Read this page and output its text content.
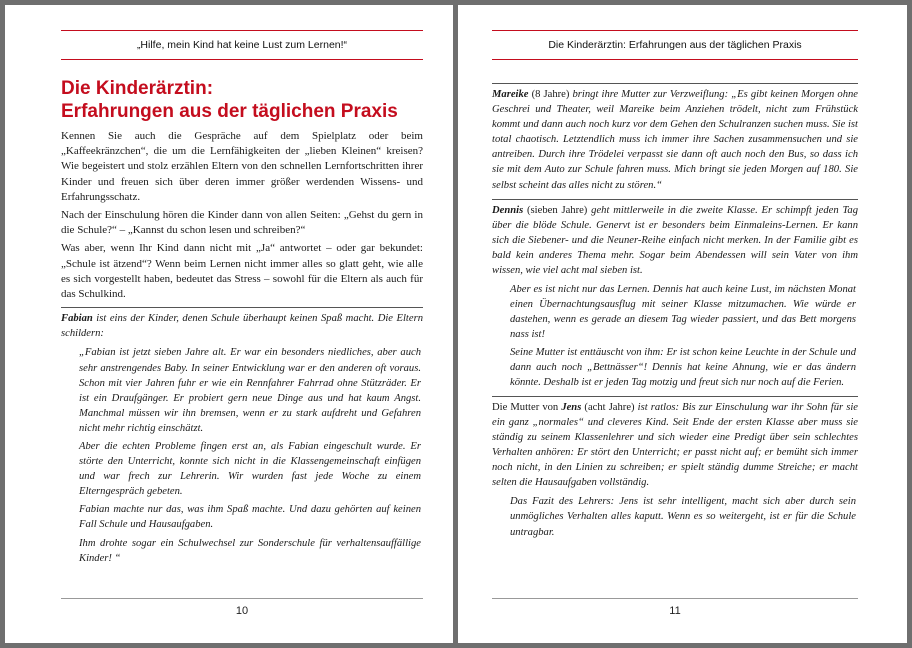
„Hilfe, mein Kind hat keine Lust zum Lernen!“
Die Kinderärztin:
Erfahrungen aus der täglichen Praxis

Kennen Sie auch die Gespräche auf dem Spielplatz oder beim „Kaffeekränzchen“, die um die Lernfähigkeiten der „lieben Kleinen“ kreisen? Wie begeistert und stolz erzählen Eltern von den schnellen Lernfortschritten ihrer Kinder und freuen sich über deren immer größer werdenden Wissens- und Erfahrungsschatz.

Nach der Einschulung hören die Kinder dann von allen Seiten: „Gehst du gern in die Schule?“ – „Kannst du schon lesen und schreiben?“

Was aber, wenn Ihr Kind dann nicht mit „Ja“ antwortet – oder gar bekundet: „Schule ist ätzend“? Wenn beim Lernen nicht immer alles so glatt geht, wie alle es sich vorgestellt haben, bedeutet das Stress – sowohl für die Eltern als auch für das Schulkind.

Fabian ist eins der Kinder, denen Schule überhaupt keinen Spaß macht. Die Eltern schildern:

„Fabian ist jetzt sieben Jahre alt. Er war ein besonders niedliches, aber auch sehr anstrengendes Baby. In seiner Entwicklung war er den anderen oft voraus. Schon mit vier Jahren fuhr er wie ein Rennfahrer Fahrrad ohne Stützräder. Er ist ein Draufgänger. Er probiert gern neue Dinge aus und hat kaum Angst. Manchmal müssen wir ihn bremsen, wenn er zu stark aufdreht und Gefahren nicht mehr richtig einschätzt.

Aber die echten Probleme fingen erst an, als Fabian eingeschult wurde. Er störte den Unterricht, konnte sich nicht in die Klassengemeinschaft einfügen und war frech zur Lehrerin. Wir wurden fast jede Woche zu einem Elterngespräch gebeten.

Fabian machte nur das, was ihm Spaß machte. Und dazu gehörten auf keinen Fall Schule und Hausaufgaben.

Ihm drohte sogar ein Schulwechsel zur Sonderschule für verhaltensauffällige Kinder! “

10
Die Kinderärztin: Erfahrungen aus der täglichen Praxis

Mareike (8 Jahre) bringt ihre Mutter zur Verzweiflung: „Es gibt keinen Morgen ohne Geschrei und Theater, weil Mareike beim Anziehen trödelt, nicht zum Frühstück kommt und dann auch noch kurz vor dem Gehen den Schulranzen suchen muss. Sie ist total chaotisch. Letztendlich muss ich immer ihre Sachen zusammensuchen und sie antreiben. Durch ihre Trödelei verpasst sie dann oft auch noch den Bus, so dass ich sie mit dem Auto zur Schule fahren muss. Mich bringt sie jeden Morgen auf 180. Sie selbst scheint das alles nicht zu stören.“

Dennis (sieben Jahre) geht mittlerweile in die zweite Klasse. Er schimpft jeden Tag über die blöde Schule. Genervt ist er besonders beim Einmaleins-Lernen. Er kann sich die Siebener- und die Neuner-Reihe einfach nicht merken. In der Familie gibt es bald kein anderes Thema mehr. Sogar beim Abendessen will sein Vater von ihm wissen, wie viel acht mal sieben ist.

Aber es ist nicht nur das Lernen. Dennis hat auch keine Lust, im nächsten Monat einen Übernachtungsausflug mit seiner Klasse mitzumachen. Wie würde er dastehen, wenn es gerade an diesem Tag wieder passiert, und das Bett morgens nass ist!

Seine Mutter ist enttäuscht von ihm: Er ist schon keine Leuchte in der Schule und dann auch noch „Bettnässer“! Dennis hat keine Ahnung, wie er das ändern könnte. Deshalb ist er jeden Tag motzig und freut sich nur noch auf die Ferien.

Die Mutter von Jens (acht Jahre) ist ratlos: Bis zur Einschulung war ihr Sohn für sie ein ganz „normales“ und cleveres Kind. Seit Ende der ersten Klasse aber muss sie ständig zu seinem Klassenlehrer und sich wieder eine Predigt über sein schlechtes Verhalten anhören: Er stört den Unterricht; er passt nicht auf; er bemüht sich immer noch nicht, in den Linien zu schreiben; er spielt ständig dumme Streiche; er macht selten die Hausaufgaben vollständig.

Das Fazit des Lehrers: Jens ist sehr intelligent, macht sich aber durch sein unmögliches Verhalten alles kaputt. Wenn es so weitergeht, ist er für die Schule untragbar.

11
